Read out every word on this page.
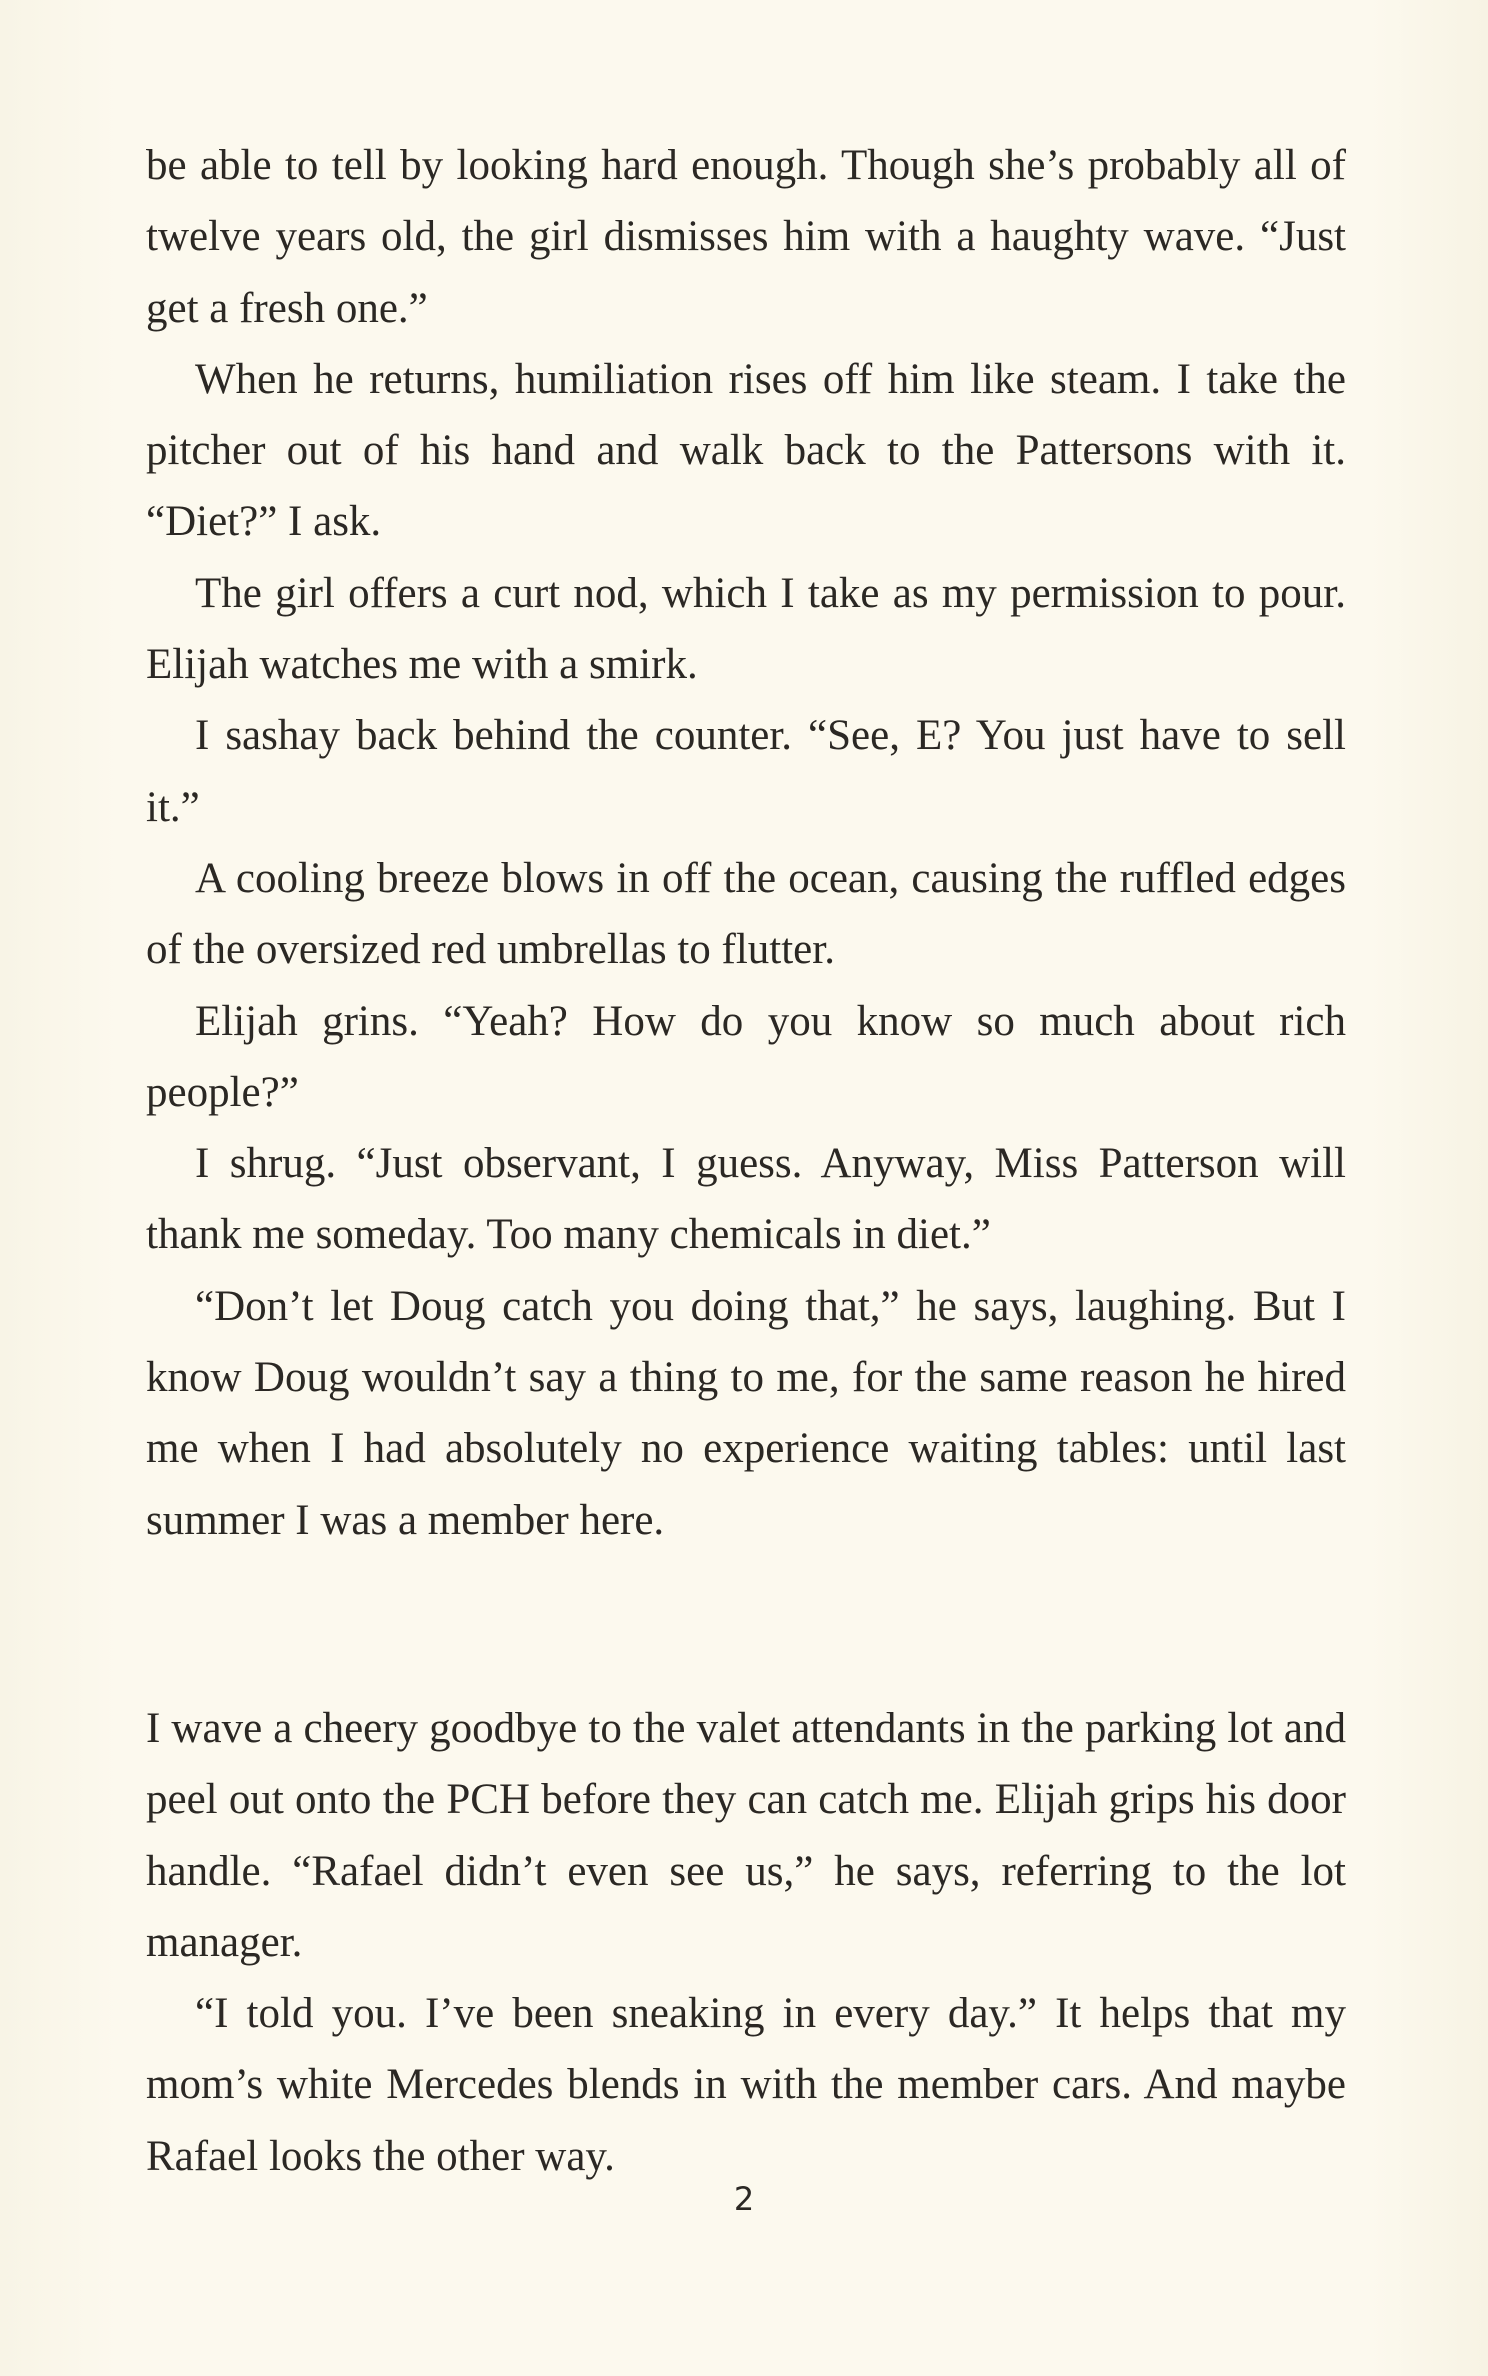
be able to tell by looking hard enough. Though she’s probably all of twelve years old, the girl dismisses him with a haughty wave. “Just get a fresh one.”

When he returns, humiliation rises off him like steam. I take the pitcher out of his hand and walk back to the Pattersons with it. “Diet?” I ask.

The girl offers a curt nod, which I take as my permission to pour. Elijah watches me with a smirk.

I sashay back behind the counter. “See, E? You just have to sell it.”

A cooling breeze blows in off the ocean, causing the ruffled edges of the oversized red umbrellas to flutter.

Elijah grins. “Yeah? How do you know so much about rich people?”

I shrug. “Just observant, I guess. Anyway, Miss Patterson will thank me someday. Too many chemicals in diet.”

“Don’t let Doug catch you doing that,” he says, laughing. But I know Doug wouldn’t say a thing to me, for the same reason he hired me when I had absolutely no experience waiting tables: until last summer I was a member here.

I wave a cheery goodbye to the valet attendants in the parking lot and peel out onto the PCH before they can catch me. Elijah grips his door handle. “Rafael didn’t even see us,” he says, referring to the lot manager.

“I told you. I’ve been sneaking in every day.” It helps that my mom’s white Mercedes blends in with the member cars. And maybe Rafael looks the other way.

2
